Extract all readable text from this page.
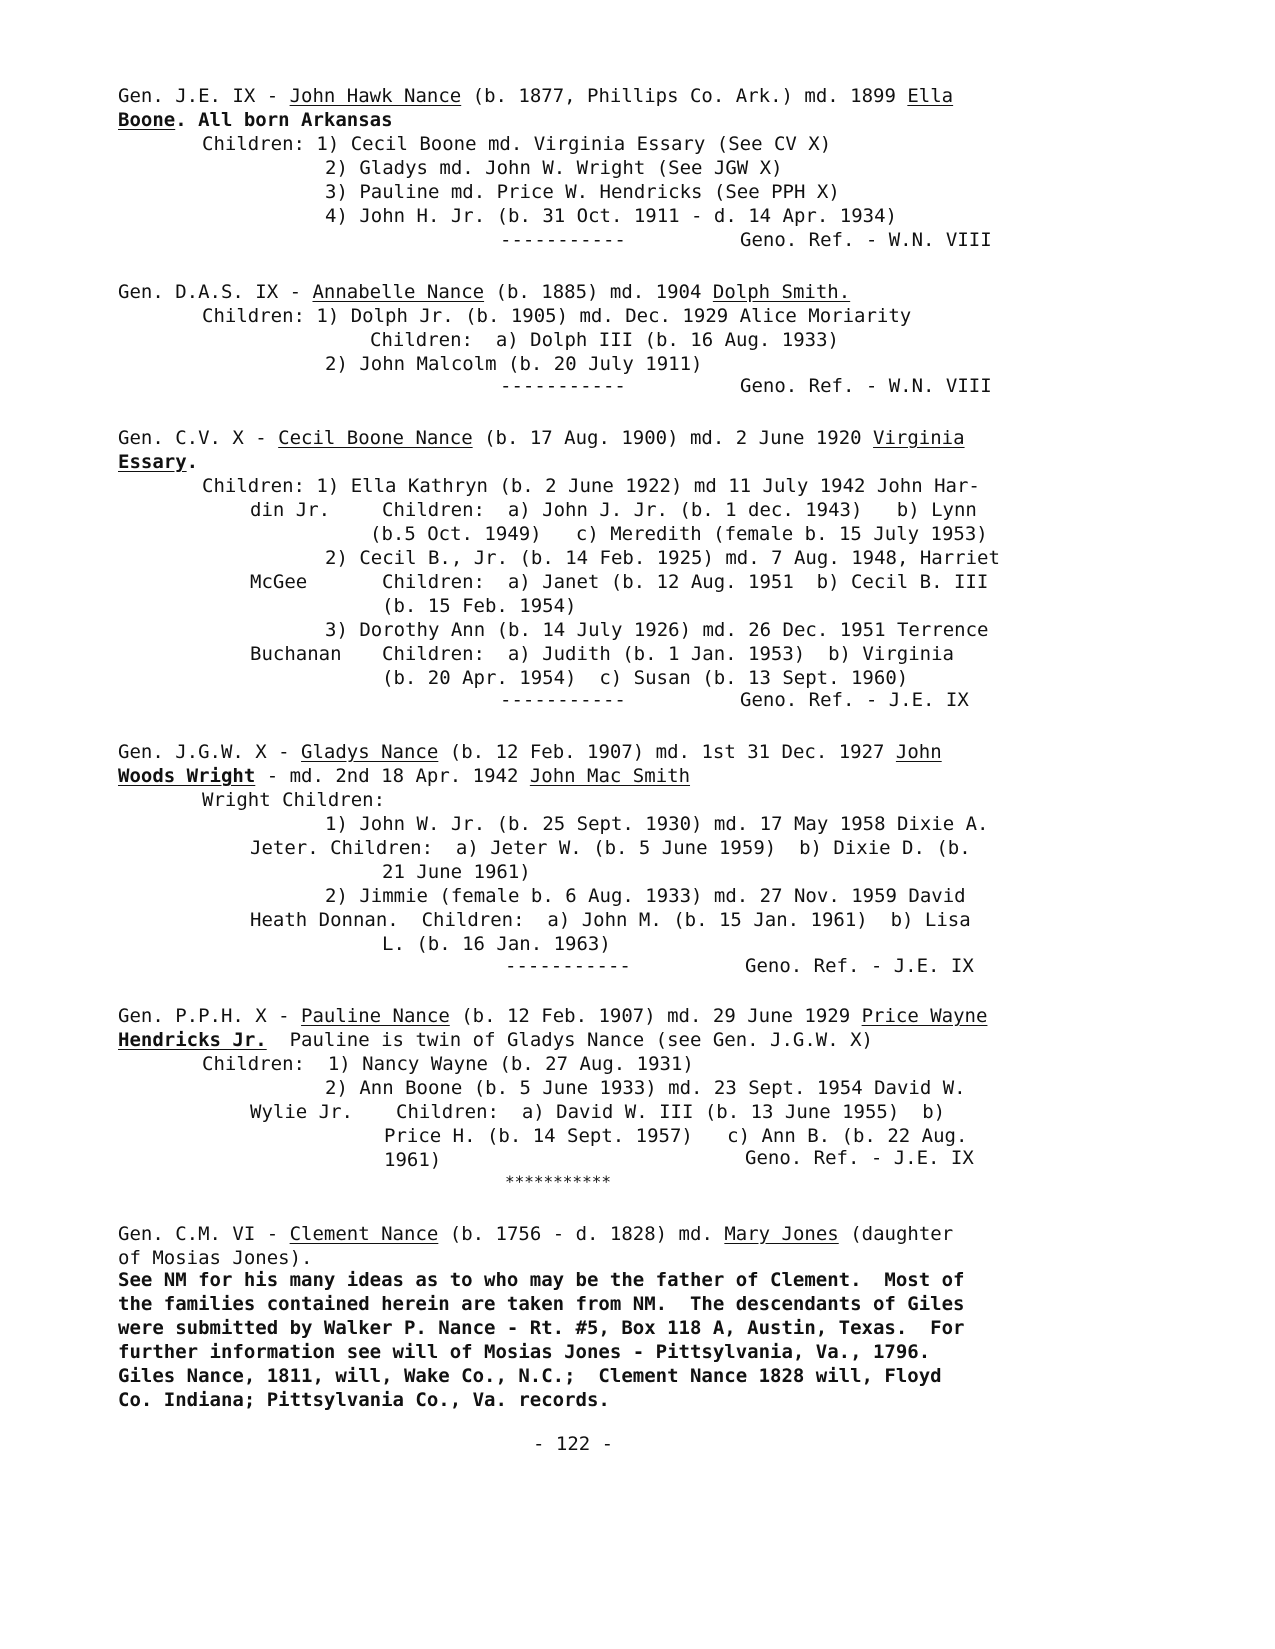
Gen. J.E. IX - John Hawk Nance (b. 1877, Phillips Co. Ark.) md. 1899 Ella
Boone. All born Arkansas
Children: 1) Cecil Boone md. Virginia Essary (See CV X)
2) Gladys md. John W. Wright (See JGW X)
3) Pauline md. Price W. Hendricks (See PPH X)
4) John H. Jr. (b. 31 Oct. 1911 - d. 14 Apr. 1934)
-----------	Geno. Ref. - W.N. VIII
Gen. D.A.S. IX - Annabelle Nance (b. 1885) md. 1904 Dolph Smith.
Children: 1) Dolph Jr. (b. 1905) md. Dec. 1929 Alice Moriarity
Children:  a) Dolph III (b. 16 Aug. 1933)
2) John Malcolm (b. 20 July 1911)
-----------	Geno. Ref. - W.N. VIII
Gen. C.V. X - Cecil Boone Nance (b. 17 Aug. 1900) md. 2 June 1920 Virginia
Essary.
Children: 1) Ella Kathryn (b. 2 June 1922) md 11 July 1942 John Har-
din Jr.	Children:  a) John J. Jr. (b. 1 dec. 1943)   b) Lynn
(b.5 Oct. 1949)   c) Meredith (female b. 15 July 1953)
2) Cecil B., Jr. (b. 14 Feb. 1925) md. 7 Aug. 1948, Harriet
McGee	Children:  a) Janet (b. 12 Aug. 1951  b) Cecil B. III
(b. 15 Feb. 1954)
3) Dorothy Ann (b. 14 July 1926) md. 26 Dec. 1951 Terrence
Buchanan Children:  a) Judith (b. 1 Jan. 1953)  b) Virginia
(b. 20 Apr. 1954)  c) Susan (b. 13 Sept. 1960)
-----------	Geno. Ref. - J.E. IX
Gen. J.G.W. X - Gladys Nance (b. 12 Feb. 1907) md. 1st 31 Dec. 1927 John
Woods Wright - md. 2nd 18 Apr. 1942 John Mac Smith
Wright Children:
1) John W. Jr. (b. 25 Sept. 1930) md. 17 May 1958 Dixie A.
Jeter. Children:  a) Jeter W. (b. 5 June 1959)  b) Dixie D. (b.
21 June 1961)
2) Jimmie (female b. 6 Aug. 1933) md. 27 Nov. 1959 David
Heath Donnan.  Children:  a) John M. (b. 15 Jan. 1961)  b) Lisa
L. (b. 16 Jan. 1963)
-----------	Geno. Ref. - J.E. IX
Gen. P.P.H. X - Pauline Nance (b. 12 Feb. 1907) md. 29 June 1929 Price Wayne
Hendricks Jr. Pauline is twin of Gladys Nance (see Gen. J.G.W. X)
Children:  1) Nancy Wayne (b. 27 Aug. 1931)
2) Ann Boone (b. 5 June 1933) md. 23 Sept. 1954 David W.
Wylie Jr. Children:  a) David W. III (b. 13 June 1955)  b)
Price H. (b. 14 Sept. 1957)   c) Ann B. (b. 22 Aug.
1961)	Geno. Ref. - J.E. IX
***********
Gen. C.M. VI - Clement Nance (b. 1756 - d. 1828) md. Mary Jones (daughter
of Mosias Jones).
See NM for his many ideas as to who may be the father of Clement.  Most of
the families contained herein are taken from NM.  The descendants of Giles
were submitted by Walker P. Nance - Rt. #5, Box 118 A, Austin, Texas.  For
further information see will of Mosias Jones - Pittsylvania, Va., 1796.
Giles Nance, 1811, will, Wake Co., N.C.;  Clement Nance 1828 will, Floyd
Co. Indiana; Pittsylvania Co., Va. records.
- 122 -
